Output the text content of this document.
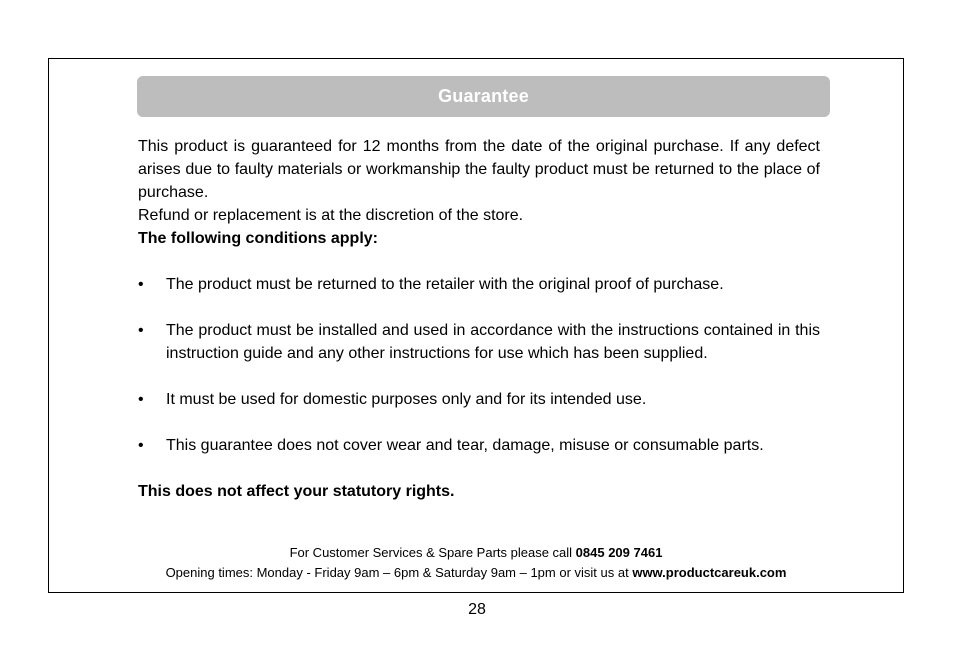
Guarantee

This product is guaranteed for 12 months from the date of the original purchase. If any defect arises due to faulty materials or workmanship the faulty product must be returned to the place of purchase.

Refund or replacement is at the discretion of the store.

The following conditions apply:

•	The product must be returned to the retailer with the original proof of purchase.
•	The product must be installed and used in accordance with the instructions contained in this instruction guide and any other instructions for use which has been supplied.
•	It must be used for domestic purposes only and for its intended use.
•	This guarantee does not cover wear and tear, damage, misuse or consumable parts.

This does not affect your statutory rights.

For Customer Services & Spare Parts please call 0845 209 7461
Opening times: Monday - Friday 9am – 6pm & Saturday 9am – 1pm or visit us at www.productcareuk.com
28
